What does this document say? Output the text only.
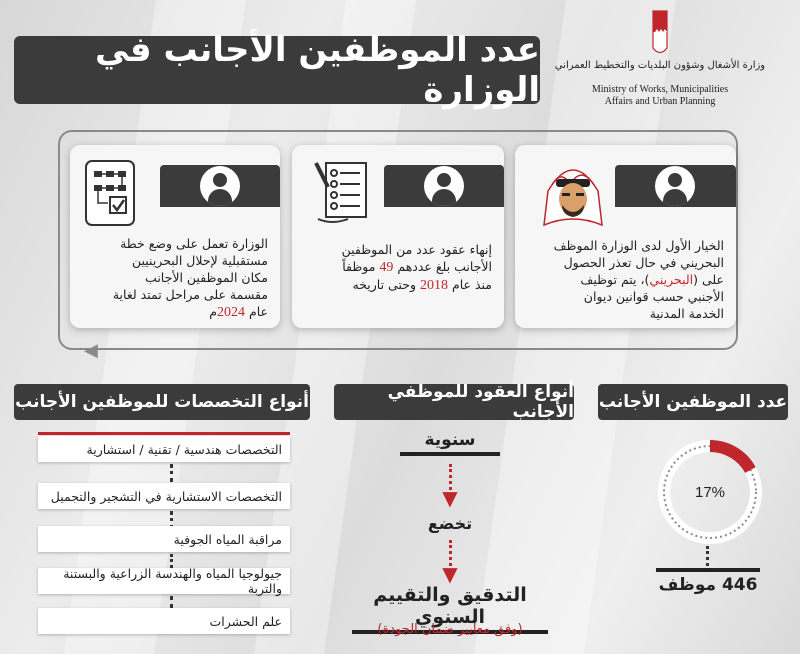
عدد الموظفين الأجانب في الوزارة
وزارة الأشغال وشؤون البلديات والتخطيط العمراني
Ministry of Works, Municipalities
Affairs and Urban Planning
◀
الخيار الأول لدى الوزارة الموظف
البحريني في حال تعذر الحصول
على (البحريني)، يتم توظيف
الأجنبي حسب قوانين ديوان
الخدمة المدنية
إنهاء عقود عدد من الموظفين
الأجانب بلغ عددهم 49 موظفاً
منذ عام 2018 وحتى تاريخه
الوزارة تعمل على وضع خطة
مستقبلية لإحلال البحرينيين
مكان الموظفين الأجانب
مقسمة على مراحل تمتد لغاية
عام 2024م
عدد الموظفين الأجانب
17%
446 موظف
أنواع العقود للموظفي الأجانب
سنوية
▼
تخضع
▼
التدقيق والتقييم السنوي
(وفق معايير ضمان الجودة)
أنواع التخصصات للموظفين الأجانب
التخصصات هندسية / تقنية / استشارية
التخصصات الاستشارية في التشجير والتجميل
مراقبة المياه الجوفية
جيولوجيا المياه والهندسة الزراعية والبستنة والتربة
علم الحشرات
